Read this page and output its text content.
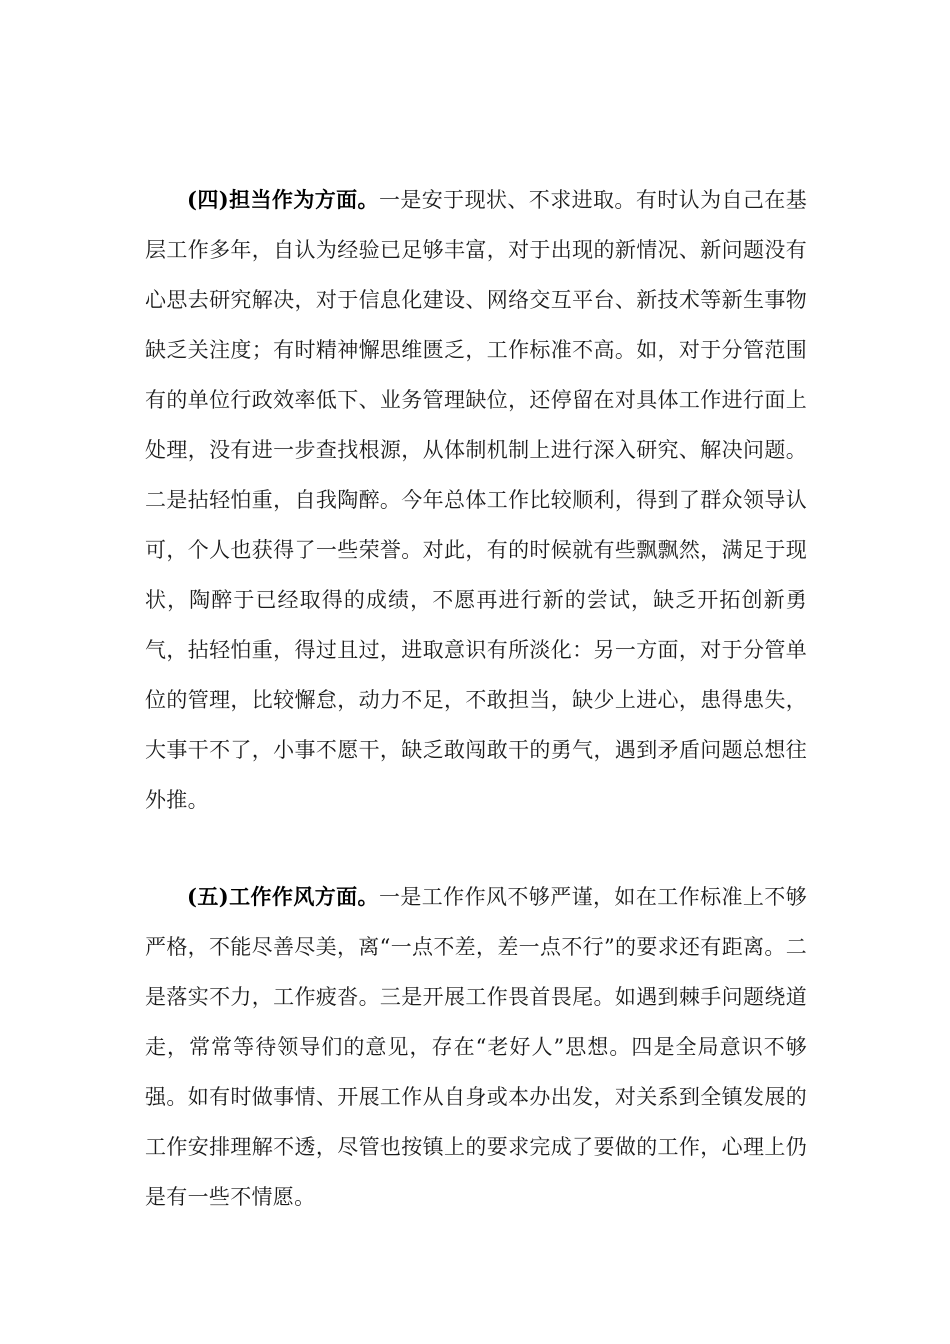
(四)担当作为方面。一是安于现状、不求进取。有时认为自己在基层工作多年，自认为经验已足够丰富，对于出现的新情况、新问题没有心思去研究解决，对于信息化建设、网络交互平台、新技术等新生事物缺乏关注度；有时精神懈思维匮乏，工作标准不高。如，对于分管范围有的单位行政效率低下、业务管理缺位，还停留在对具体工作进行面上处理，没有进一步查找根源，从体制机制上进行深入研究、解决问题。二是拈轻怕重，自我陶醉。今年总体工作比较顺利，得到了群众领导认可，个人也获得了一些荣誉。对此，有的时候就有些飘飘然，满足于现状，陶醉于已经取得的成绩，不愿再进行新的尝试，缺乏开拓创新勇气，拈轻怕重，得过且过，进取意识有所淡化：另一方面，对于分管单位的管理，比较懈怠，动力不足，不敢担当，缺少上进心，患得患失，大事干不了，小事不愿干，缺乏敢闯敢干的勇气，遇到矛盾问题总想往外推。

(五)工作作风方面。一是工作作风不够严谨，如在工作标准上不够严格，不能尽善尽美，离“一点不差，差一点不行”的要求还有距离。二是落实不力，工作疲沓。三是开展工作畏首畏尾。如遇到棘手问题绕道走，常常等待领导们的意见，存在“老好人”思想。四是全局意识不够强。如有时做事情、开展工作从自身或本办出发，对关系到全镇发展的工作安排理解不透，尽管也按镇上的要求完成了要做的工作，心理上仍是有一些不情愿。
